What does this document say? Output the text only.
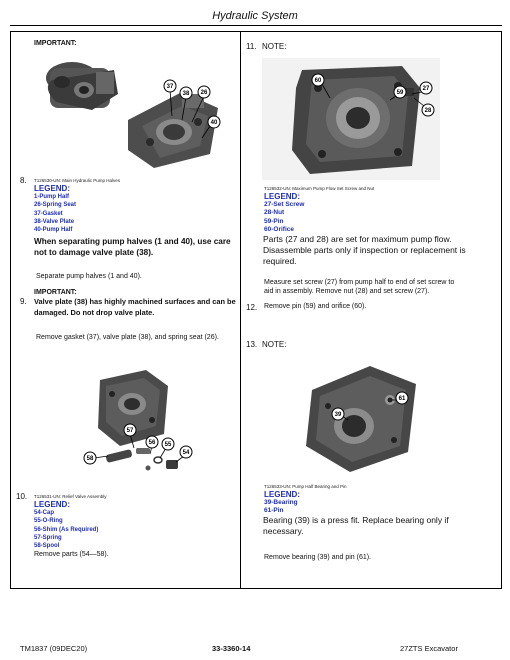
Hydraulic System
IMPORTANT:
37
38 26
40
8. T126530-UN: Main Hydraulic Pump Halves
LEGEND:
1-Pump Half
26-Spring Seat
37-Gasket
38-Valve Plate
40-Pump Half
When separating pump halves (1 and 40), use care
not to damage valve plate (38).
Separate pump halves (1 and 40).
IMPORTANT:
9. Valve plate (38) has highly machined surfaces and can be
damaged. Do not drop valve plate.
Remove gasket (37), valve plate (38), and spring seat (26).
57
56 55
58
54
10. T126531-UN: Relief Valve Assembly
LEGEND:
54-Cap
55-O-Ring
56-Shim (As Required)
57-Spring
58-Spool
Remove parts (54—58).
11. NOTE:
60
59
27
28
T126532-UN: Maximum Pump Flow Set Screw and Nut
LEGEND:
27-Set Screw
28-Nut
59-Pin
60-Orifice
Parts (27 and 28) are set for maximum pump flow.
Disassemble parts only if inspection or replacement is
required.
Measure set screw (27) from pump half to end of set screw to
aid in assembly. Remove nut (28) and set screw (27).
12. Remove pin (59) and orifice (60).
13. NOTE:
39
61
T126533-UN: Pump Half Bearing and Pin
LEGEND:
39-Bearing
61-Pin
Bearing (39) is a press fit. Replace bearing only if
necessary.
Remove bearing (39) and pin (61).
TM1837 (09DEC20)	33-3360-14	27ZTS Excavator
